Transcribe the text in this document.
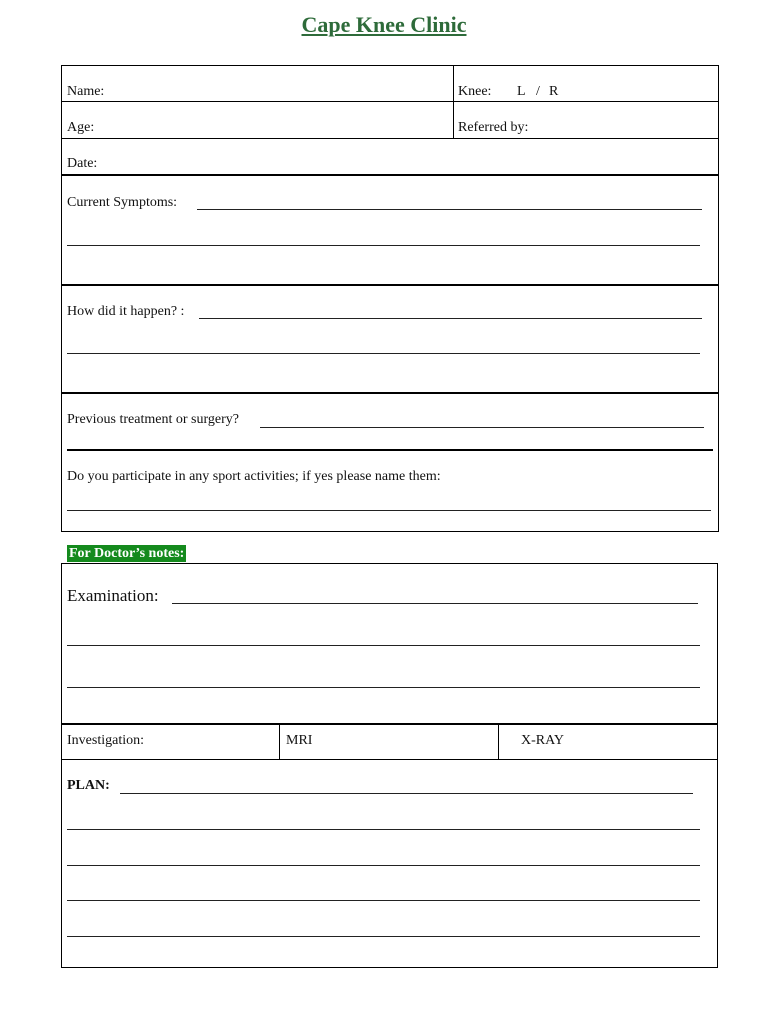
Cape Knee Clinic
Name:	Knee: L / R
Age:	Referred by:
Date:
Current Symptoms:
How did it happen? :
Previous treatment or surgery?
Do you participate in any sport activities; if yes please name them:
For Doctor’s notes:
Examination:
Investigation:	MRI	X-RAY
PLAN:
